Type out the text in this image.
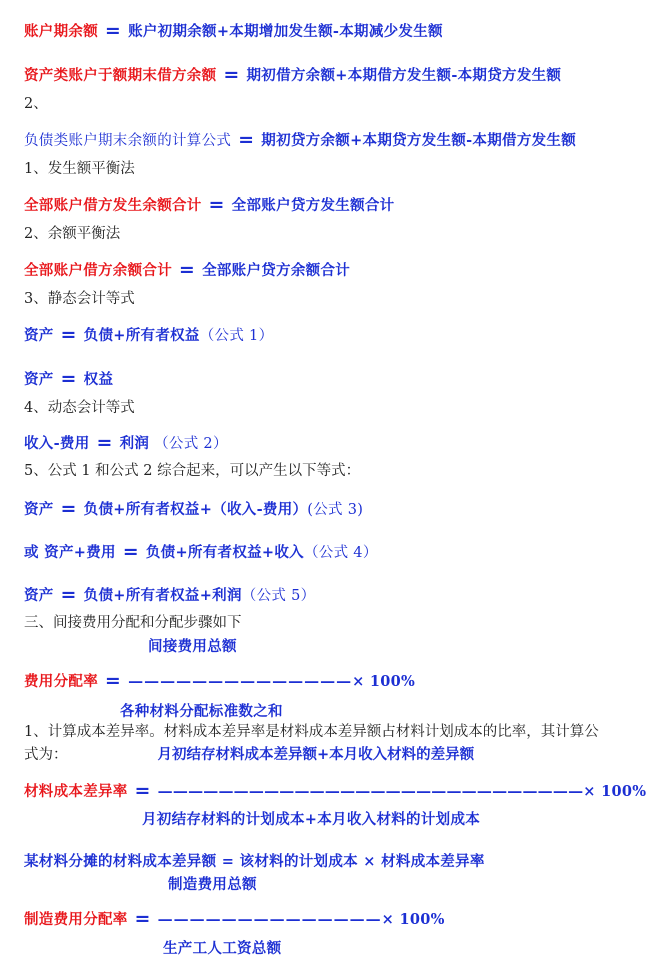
账户期余额 = 账户初期余额+本期增加发生额-本期减少发生额
资产类账户于额期末借方余额 = 期初借方余额+本期借方发生额-本期贷方发生额
2、
负债类账户期末余额的计算公式 = 期初贷方余额+本期贷方发生额-本期借方发生额
1、发生额平衡法
全部账户借方发生余额合计 = 全部账户贷方发生额合计
2、余额平衡法
全部账户借方余额合计 = 全部账户贷方余额合计
3、静态会计等式
资产 = 负债+所有者权益（公式 1）
资产 = 权益
4、动态会计等式
收入-费用 = 利润 （公式 2）
5、公式 1 和公式 2 综合起来，可以产生以下等式：
资产 = 负债+所有者权益+（收入-费用）(公式 3)
或 资产+费用 = 负债+所有者权益+收入（公式 4）
资产 = 负债+所有者权益+利润（公式 5）
三、间接费用分配和分配步骤如下
间接费用总额
费用分配率 = ——————————————× 100%
各种材料分配标准数之和
1、计算成本差异率。材料成本差异率是材料成本差异额占材料计划成本的比率，其计算公
式为：	月初结存材料成本差异额+本月收入材料的差异额
材料成本差异率 = ————————————————————————————× 100%
月初结存材料的计划成本+本月收入材料的计划成本
某材料分摊的材料成本差异额 = 该材料的计划成本 × 材料成本差异率
制造费用总额
制造费用分配率 = ——————————————× 100%
生产工人工资总额
